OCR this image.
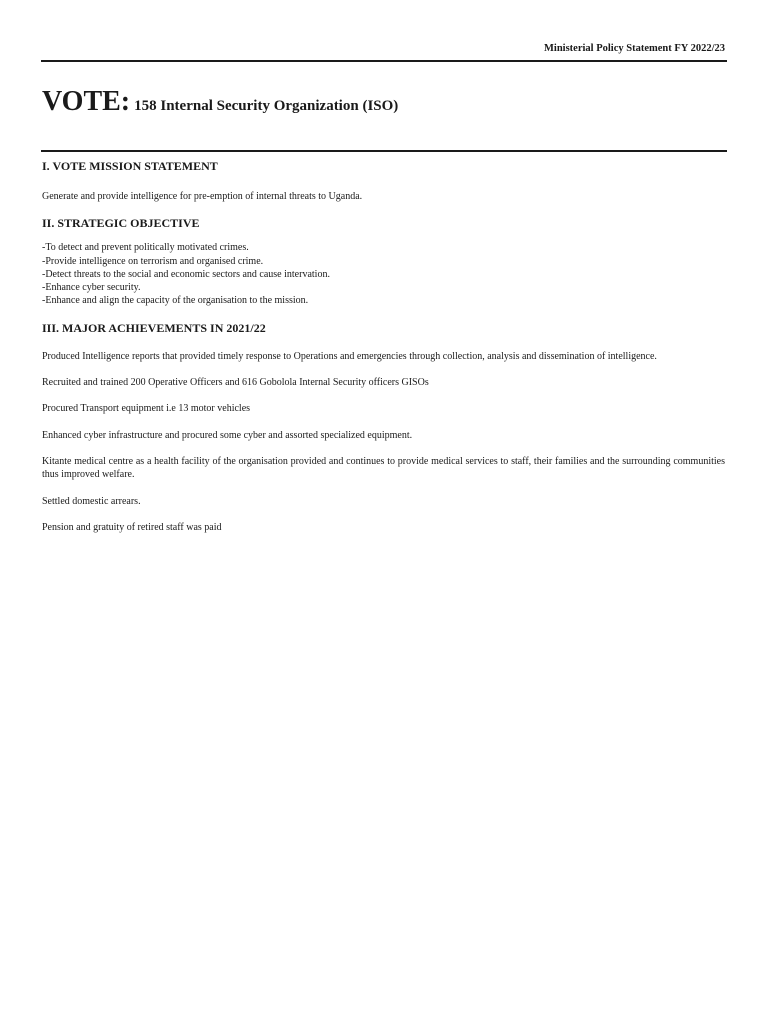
Ministerial Policy Statement FY 2022/23
VOTE: 158 Internal Security Organization (ISO)
I. VOTE MISSION STATEMENT

Generate and provide intelligence for pre-emption of internal threats to Uganda.

II. STRATEGIC OBJECTIVE
-To detect and prevent politically motivated crimes.
-Provide intelligence on terrorism and organised crime.
-Detect threats to the social and economic sectors and cause intervation.
-Enhance cyber security.
-Enhance and align the capacity of the organisation to the mission.
III. MAJOR ACHIEVEMENTS IN 2021/22

Produced Intelligence reports that provided timely response to Operations and emergencies through collection, analysis and dissemination of intelligence.

Recruited and trained 200 Operative Officers and 616 Gobolola Internal Security officers GISOs

Procured Transport equipment i.e 13 motor vehicles

Enhanced cyber infrastructure and procured some cyber and assorted specialized equipment.

Kitante medical centre as a health facility of the organisation provided and continues to provide medical services to staff, their families and the surrounding communities thus improved welfare.

Settled domestic arrears.

Pension and gratuity of retired staff was paid
